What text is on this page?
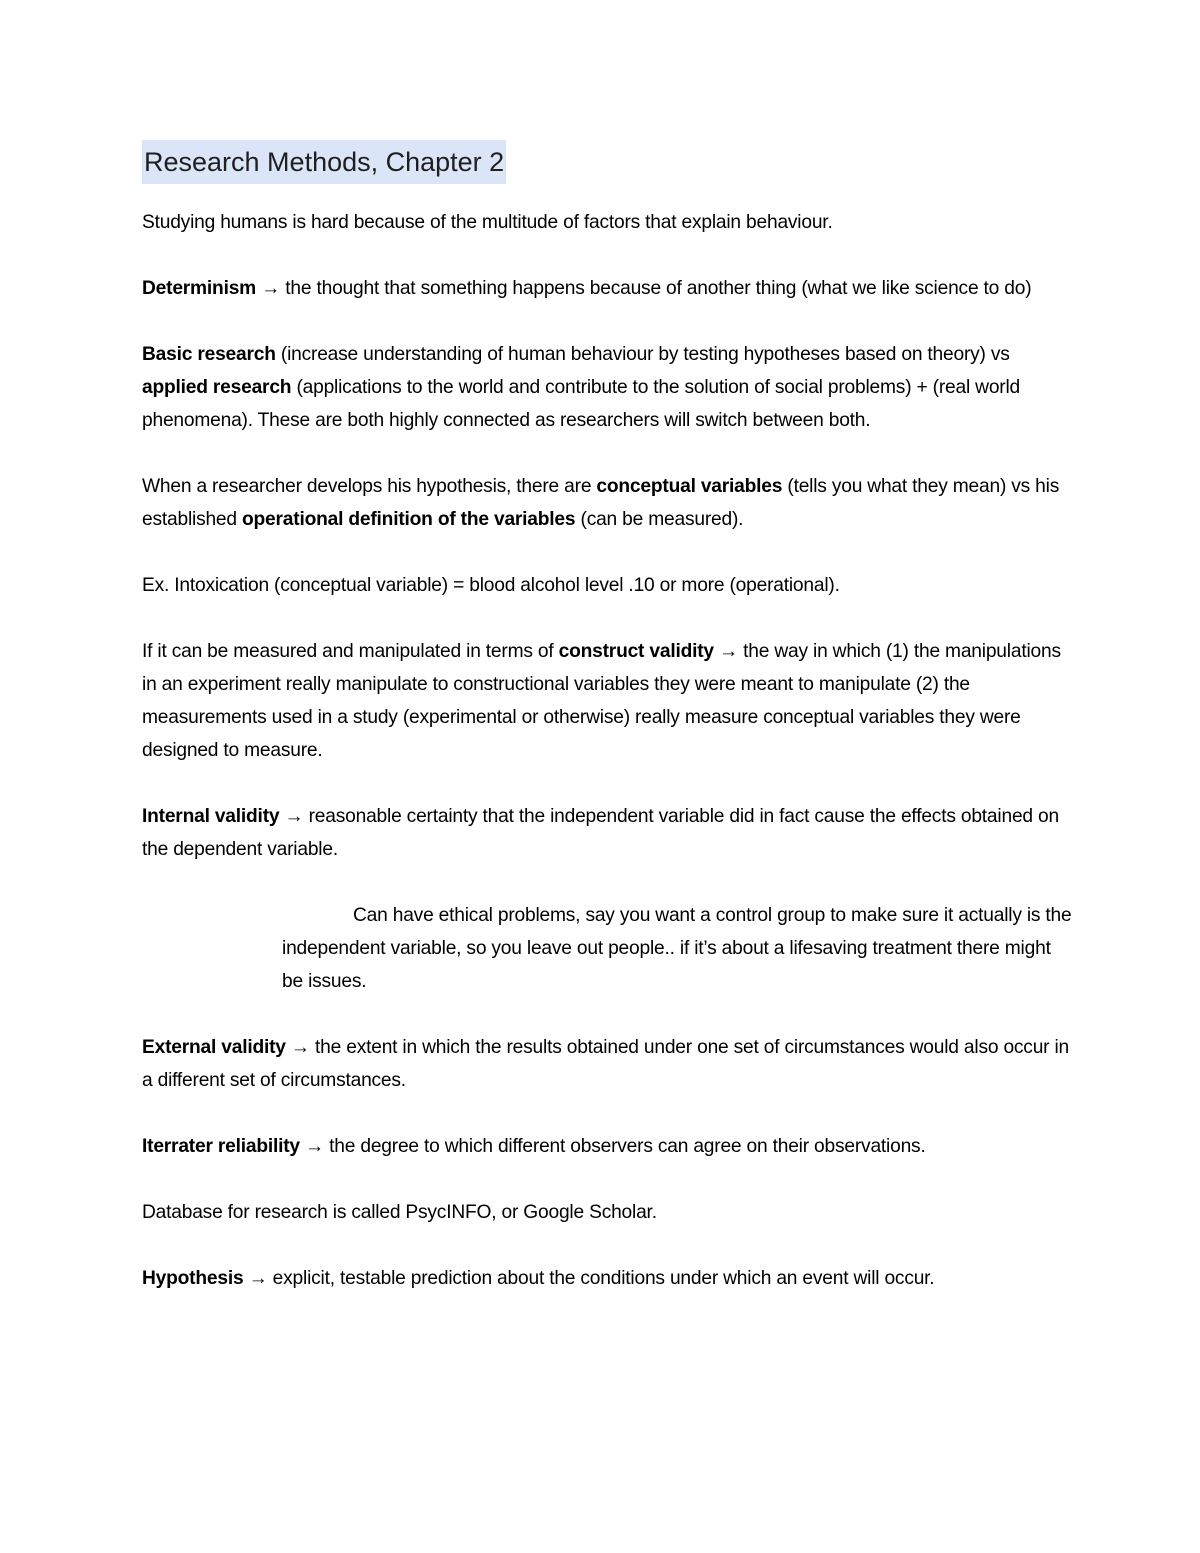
Research Methods, Chapter 2

Studying humans is hard because of the multitude of factors that explain behaviour.

Determinism → the thought that something happens because of another thing (what we like science to do)

Basic research (increase understanding of human behaviour by testing hypotheses based on theory) vs applied research (applications to the world and contribute to the solution of social problems) + (real world phenomena). These are both highly connected as researchers will switch between both.

When a researcher develops his hypothesis, there are conceptual variables (tells you what they mean) vs his established operational definition of the variables (can be measured).

Ex. Intoxication (conceptual variable) = blood alcohol level .10 or more (operational).

If it can be measured and manipulated in terms of construct validity → the way in which (1) the manipulations in an experiment really manipulate to constructional variables they were meant to manipulate (2) the measurements used in a study (experimental or otherwise) really measure conceptual variables they were designed to measure.

Internal validity → reasonable certainty that the independent variable did in fact cause the effects obtained on the dependent variable.

Can have ethical problems, say you want a control group to make sure it actually is the independent variable, so you leave out people.. if it’s about a lifesaving treatment there might be issues.

External validity → the extent in which the results obtained under one set of circumstances would also occur in a different set of circumstances.

Iterrater reliability → the degree to which different observers can agree on their observations.

Database for research is called PsycINFO, or Google Scholar.

Hypothesis → explicit, testable prediction about the conditions under which an event will occur.
